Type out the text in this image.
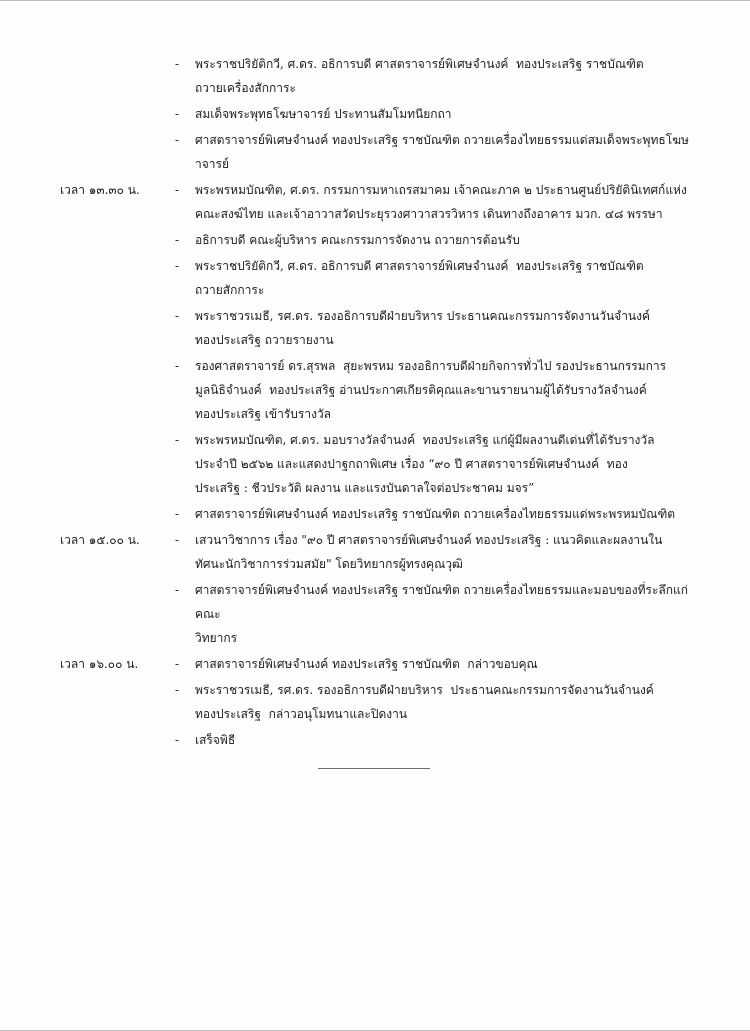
-	พระราชปริยัติกวี, ศ.ดร. อธิการบดี ศาสตราจารย์พิเศษจำนงค์  ทองประเสริฐ ราชบัณฑิต
ถวายเครื่องสักการะ
-	สมเด็จพระพุทธโฆษาจารย์ ประทานสัมโมทนียกถา
-	ศาสตราจารย์พิเศษจำนงค์ ทองประเสริฐ ราชบัณฑิต ถวายเครื่องไทยธรรมแด่สมเด็จพระพุทธโฆษาจารย์
เวลา ๑๓.๓๐ น.	-	พระพรหมบัณฑิต, ศ.ดร. กรรมการมหาเถรสมาคม เจ้าคณะภาค ๒ ประธานศูนย์ปริยัตินิเทศก์แห่ง
คณะสงฆ์ไทย และเจ้าอาวาสวัดประยุรวงศาวาสวรวิหาร เดินทางถึงอาคาร มวก. ๔๘ พรรษา
-	อธิการบดี คณะผู้บริหาร คณะกรรมการจัดงาน ถวายการต้อนรับ
-	พระราชปริยัติกวี, ศ.ดร. อธิการบดี ศาสตราจารย์พิเศษจำนงค์  ทองประเสริฐ ราชบัณฑิต
ถวายสักการะ
-	พระราชวรเมธี, รศ.ดร. รองอธิการบดีฝ่ายบริหาร ประธานคณะกรรมการจัดงานวันจำนงค์
ทองประเสริฐ ถวายรายงาน
-	รองศาสตราจารย์ ดร.สุรพล  สุยะพรหม รองอธิการบดีฝ่ายกิจการทั่วไป รองประธานกรรมการ
มูลนิธิจำนงค์  ทองประเสริฐ อ่านประกาศเกียรติคุณและขานรายนามผู้ได้รับรางวัลจำนงค์
ทองประเสริฐ เข้ารับรางวัล
-	พระพรหมบัณฑิต, ศ.ดร. มอบรางวัลจำนงค์  ทองประเสริฐ แก่ผู้มีผลงานดีเด่นที่ได้รับรางวัล
ประจำปี ๒๕๖๒ และแสดงปาฐกถาพิเศษ เรื่อง “๙๐ ปี ศาสตราจารย์พิเศษจำนงค์  ทอง
ประเสริฐ : ชีวประวัติ ผลงาน และแรงบันดาลใจต่อประชาคม มจร”
-	ศาสตราจารย์พิเศษจำนงค์ ทองประเสริฐ ราชบัณฑิต ถวายเครื่องไทยธรรมแด่พระพรหมบัณฑิต
เวลา ๑๕.๐๐ น.	-	เสวนาวิชาการ เรื่อง "๙๐ ปี ศาสตราจารย์พิเศษจำนงค์ ทองประเสริฐ : แนวคิดและผลงานใน
ทัศนะนักวิชาการร่วมสมัย" โดยวิทยากรผู้ทรงคุณวุฒิ
-	ศาสตราจารย์พิเศษจำนงค์ ทองประเสริฐ ราชบัณฑิต ถวายเครื่องไทยธรรมและมอบของที่ระลึกแก่คณะ
วิทยากร
เวลา ๑๖.๐๐ น.	-	ศาสตราจารย์พิเศษจำนงค์ ทองประเสริฐ ราชบัณฑิต  กล่าวขอบคุณ
-	พระราชวรเมธี, รศ.ดร. รองอธิการบดีฝ่ายบริหาร  ประธานคณะกรรมการจัดงานวันจำนงค์
ทองประเสริฐ  กล่าวอนุโมทนาและปิดงาน
-	เสร็จพิธี
